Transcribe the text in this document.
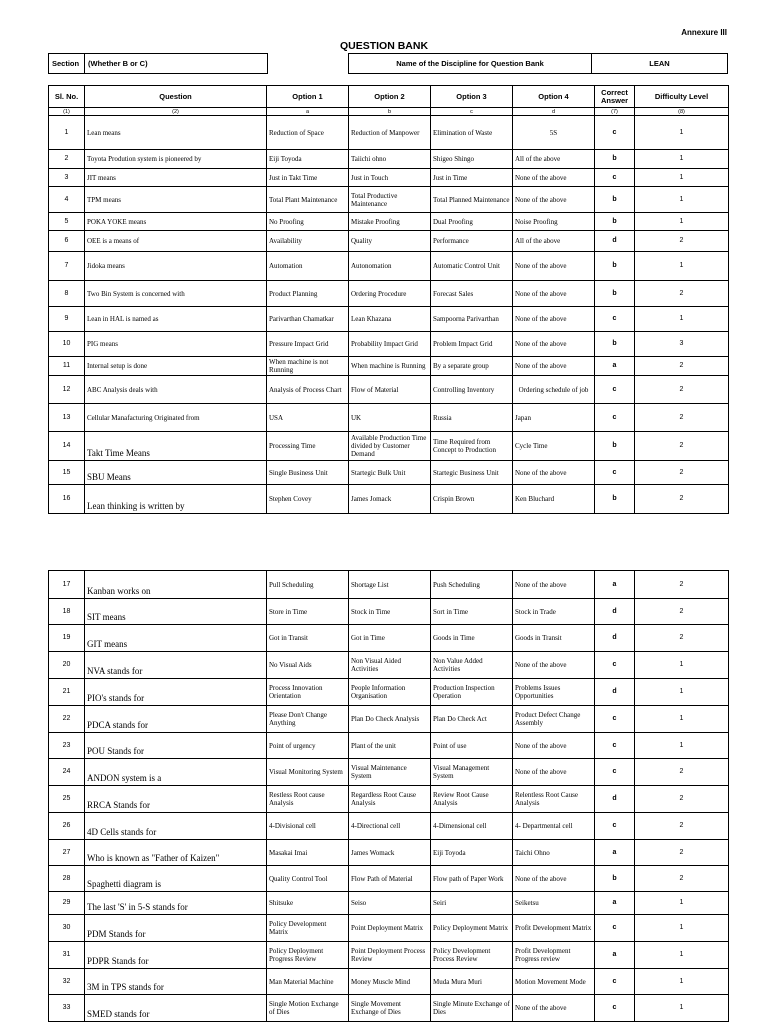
Annexure III
QUESTION BANK
Section	(Whether B or C)	Name of the Discipline for Question Bank	LEAN
Sl. No.	Question	Option 1	Option 2	Option 3	Option 4	Correct Answer	Difficulty Level
(1)	(2)	a	b	c	d	(7)	(8)
1	Lean means	Reduction of Space	Reduction of Manpower	Elimination of Waste	5S	c	1
2	Toyota Prodution system is pioneered by	Eiji Toyoda	Taiichi ohno	Shigeo Shingo	All of the above	b	1
3	JIT means	Just in Takt Time	Just in Touch	Just in Time	None of the above	c	1
4	TPM means	Total Plant Maintenance	Total Productive Maintenance	Total Planned Maintenance	None of the above	b	1
5	POKA YOKE means	No Proofing	Mistake Proofing	Dual Proofing	Noise Proofing	b	1
6	OEE is a means of	Availability	Quality	Performance	All of the above	d	2
7	Jidoka means	Automation	Autonomation	Automatic Control Unit	None of the above	b	1
8	Two Bin System is concerned with	Product Planning	Ordering Procedure	Forecast Sales	None of the above	b	2
9	Lean in HAL is named as	Parivarthan Chamatkar	Lean Khazana	Sampoorna Parivarthan	None of the above	c	1
10	PIG means	Pressure Impact Grid	Probability Impact Grid	Problem Impact Grid	None of the above	b	3
11	Internal setup is done	When machine is not Running	When machine is Running	By a separate group	None of the above	a	2
12	ABC Analysis deals with	Analysis of Process Chart	Flow of Material	Controlling Inventory	Ordering schedule of job	c	2
13	Cellular Manafacturing Originated from	USA	UK	Russia	Japan	c	2
14	Takt Time Means	Processing Time	Available Production Time divided by Customer Demand	Time Required from Concept to Production	Cycle Time	b	2
15	SBU Means	Single Business Unit	Startegic Bulk Unit	Startegic Business Unit	None of the above	c	2
16	Lean thinking is written by	Stephen Covey	James Jomack	Crispin Brown	Ken Bluchard	b	2
17	Kanban works on	Pull Scheduling	Shortage List	Push Scheduling	None of the above	a	2
18	SIT means	Store in Time	Stock in Time	Sort in Time	Stock in Trade	d	2
19	GIT means	Got in Transit	Got in Time	Goods in Time	Goods in Transit	d	2
20	NVA stands for	No Visual Aids	Non Visual Aided Activities	Non Value Added Activities	None of the above	c	1
21	PIO's stands for	Process Innovation Orientation	People Information Organisation	Production Inspection Operation	Problems Issues Opportunities	d	1
22	PDCA stands for	Please Don't Change Anything	Plan Do Check Analysis	Plan Do Check Act	Product Defect Change Assembly	c	1
23	POU Stands for	Point of urgency	Plant of the unit	Point of use	None of the above	c	1
24	ANDON system is a	Visual Monitoring System	Visual Maintenance System	Visual Management System	None of the above	c	2
25	RRCA Stands for	Restless Root cause Analysis	Regardless Root Cause Analysis	Review Root Cause Analysis	Relentless Root Cause Analysis	d	2
26	4D Cells stands for	4-Divisional cell	4-Directional cell	4-Dimensional cell	4- Departmental cell	c	2
27	Who is known as "Father of Kaizen"	Masakai Imai	James Womack	Eiji Toyoda	Taichi Ohno	a	2
28	Spaghetti diagram is	Quality Control Tool	Flow Path of Material	Flow path of Paper Work	None of the above	b	2
29	The last 'S' in 5-S stands for	Shitsuke	Seiso	Seiri	Seiketsu	a	1
30	PDM Stands for	Policy Development Matrix	Point Deployment Matrix	Policy Deployment Matrix	Profit Development Matrix	c	1
31	PDPR Stands for	Policy Deployment Progress Review	Point Deployment Process Review	Policy Development Process Review	Profit Development Progress review	a	1
32	3M in TPS stands for	Man Material Machine	Money Muscle Mind	Muda Mura Muri	Motion Movement Mode	c	1
33	SMED stands for	Single Motion Exchange of Dies	Single Movement Exchange of Dies	Single Minute Exchange of Dies	None of the above	c	1
